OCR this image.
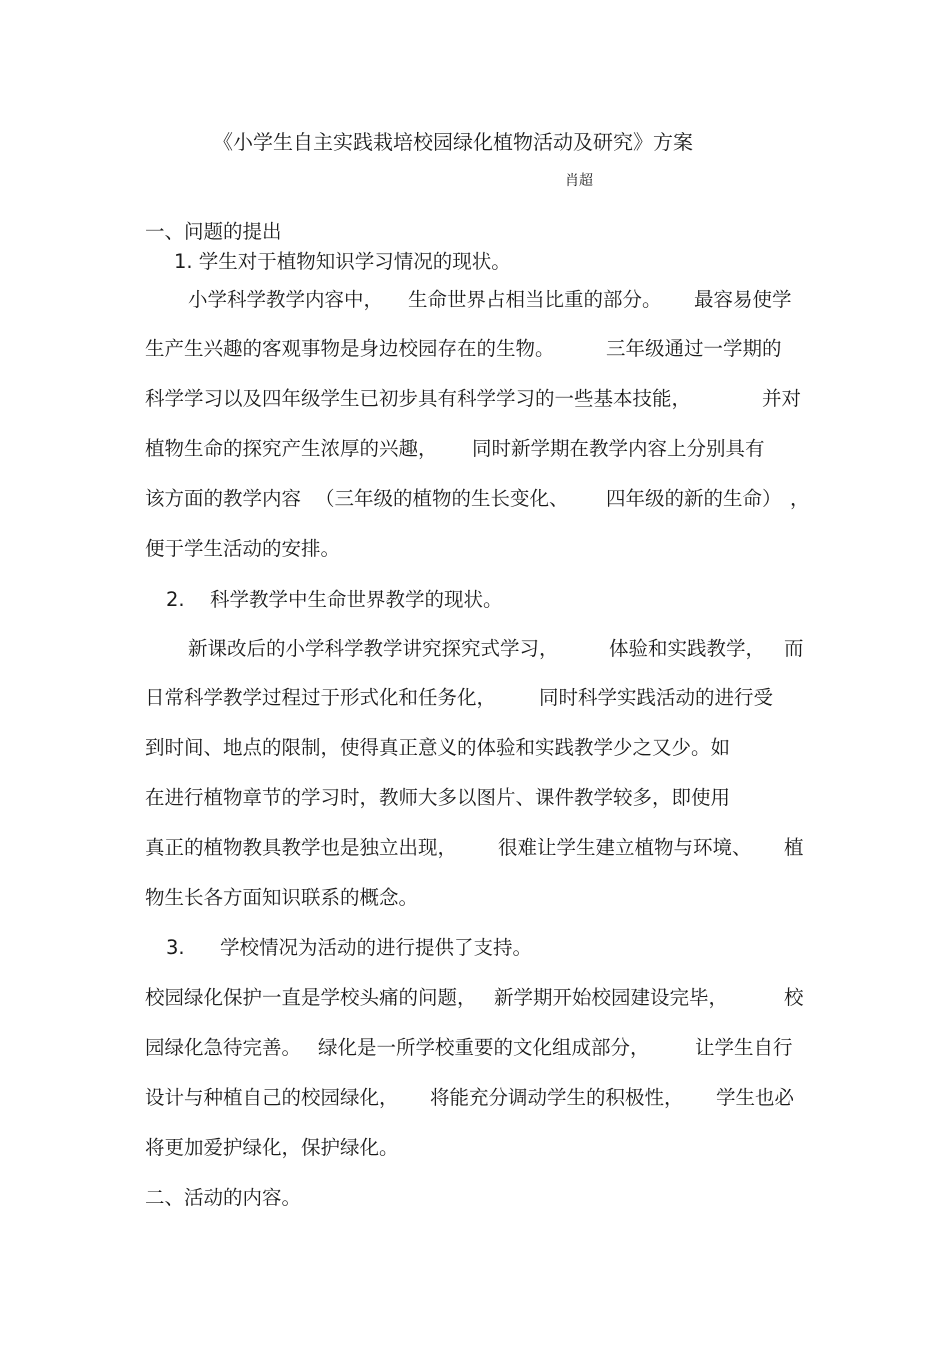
《小学生自主实践栽培校园绿化植物活动及研究》方案
肖超
一、问题的提出
1. 学生对于植物知识学习情况的现状。
小学科学教学内容中， 生命世界占相当比重的部分。 最容易使学
生产生兴趣的客观事物是身边校园存在的生物。	三年级通过一学期的
科学学习以及四年级学生已初步具有科学学习的一些基本技能，	并对
植物生命的探究产生浓厚的兴趣， 同时新学期在教学内容上分别具有
该方面的教学内容 （三年级的植物的生长变化、 四年级的新的生命） ，
便于学生活动的安排。
2. 科学教学中生命世界教学的现状。
新课改后的小学科学教学讲究探究式学习，	体验和实践教学， 而
日常科学教学过程过于形式化和任务化， 同时科学实践活动的进行受
到时间、地点的限制，使得真正意义的体验和实践教学少之又少。如
在进行植物章节的学习时，教师大多以图片、课件教学较多，即使用
真正的植物教具教学也是独立出现， 很难让学生建立植物与环境、 植
物生长各方面知识联系的概念。
3. 学校情况为活动的进行提供了支持。
校园绿化保护一直是学校头痛的问题， 新学期开始校园建设完毕，	校
园绿化急待完善。 绿化是一所学校重要的文化组成部分， 让学生自行
设计与种植自己的校园绿化， 将能充分调动学生的积极性， 学生也必
将更加爱护绿化，保护绿化。
二、活动的内容。
